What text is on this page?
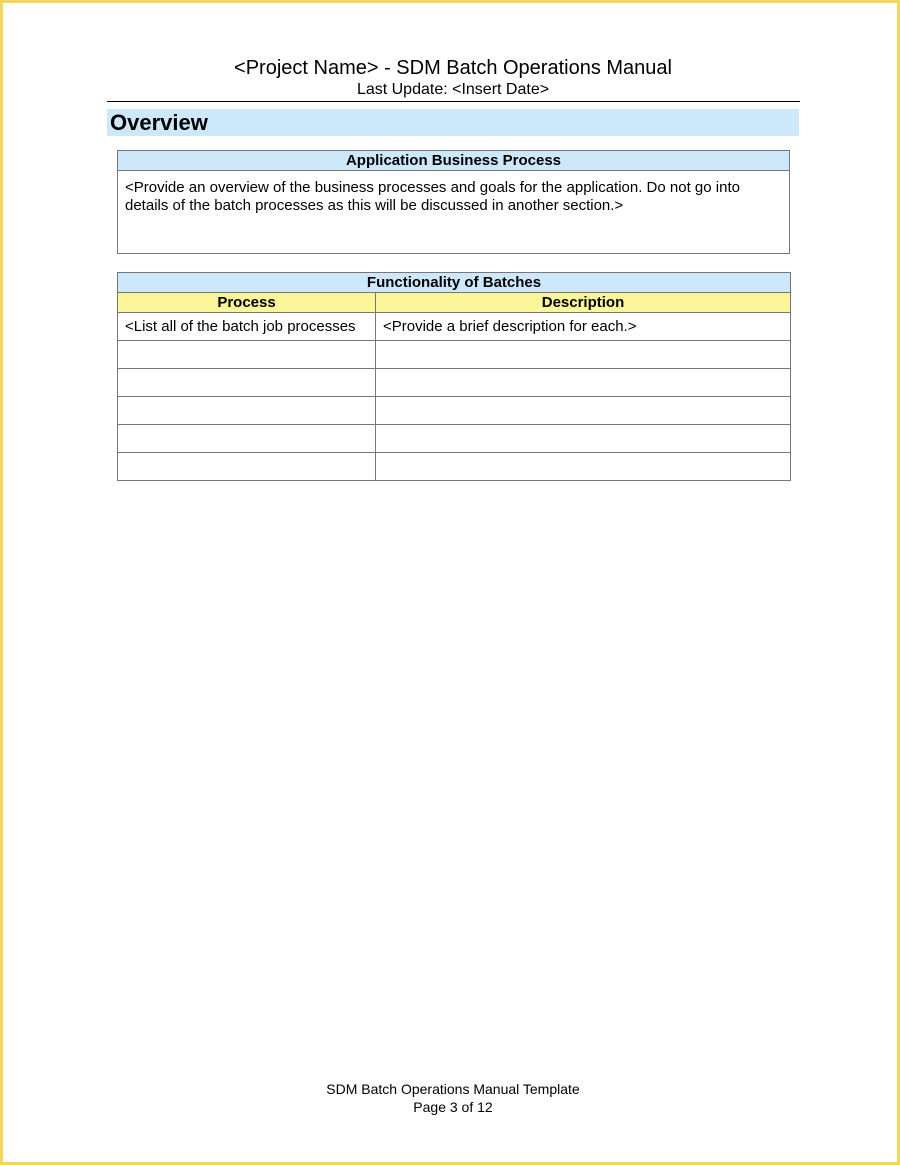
<Project Name> - SDM Batch Operations Manual
Last Update: <Insert Date>
Overview
Application Business Process
<Provide an overview of the business processes and goals for the application. Do not go into details of the batch processes as this will be discussed in another section.>
Functionality of Batches	
Process	Description
<List all of the batch job processes	<Provide a brief description for each.>

SDM Batch Operations Manual Template
Page 3 of 12
